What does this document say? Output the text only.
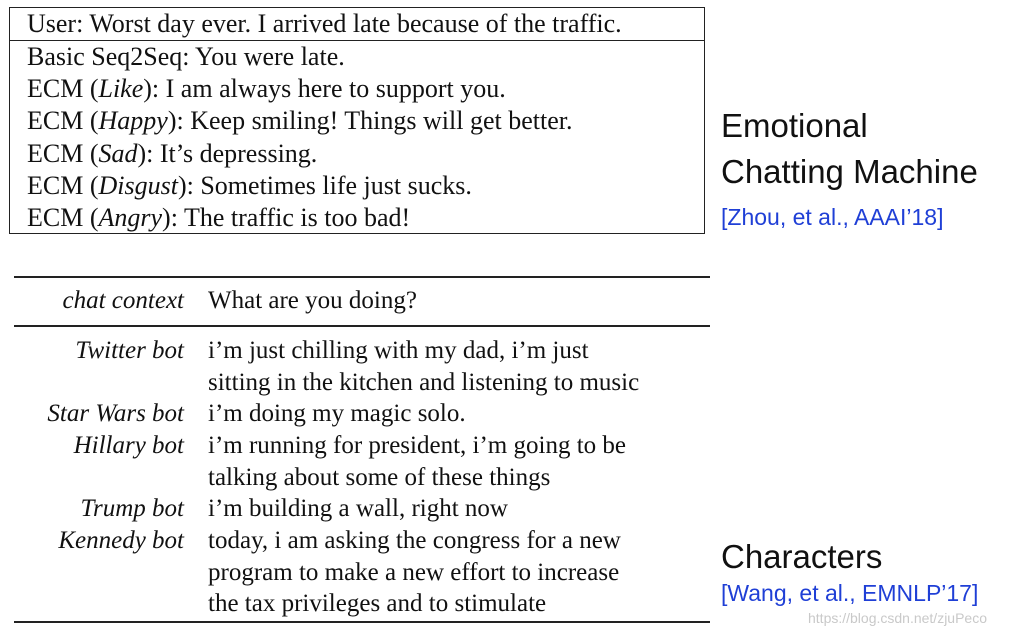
User: Worst day ever. I arrived late because of the traffic.
Basic Seq2Seq: You were late.
ECM (Like): I am always here to support you.
ECM (Happy): Keep smiling! Things will get better.
ECM (Sad): It’s depressing.
ECM (Disgust): Sometimes life just sucks.
ECM (Angry): The traffic is too bad!
Emotional
Chatting Machine
[Zhou, et al., AAAI’18]
chat context What are you doing?
Twitter bot i’m just chilling with my dad, i’m just
sitting in the kitchen and listening to music
Star Wars bot i’m doing my magic solo.
Hillary bot i’m running for president, i’m going to be
talking about some of these things
Trump bot i’m building a wall, right now
Kennedy bot today, i am asking the congress for a new
program to make a new effort to increase
the tax privileges and to stimulate
Characters
[Wang, et al., EMNLP’17]
https://blog.csdn.net/zjuPeco
